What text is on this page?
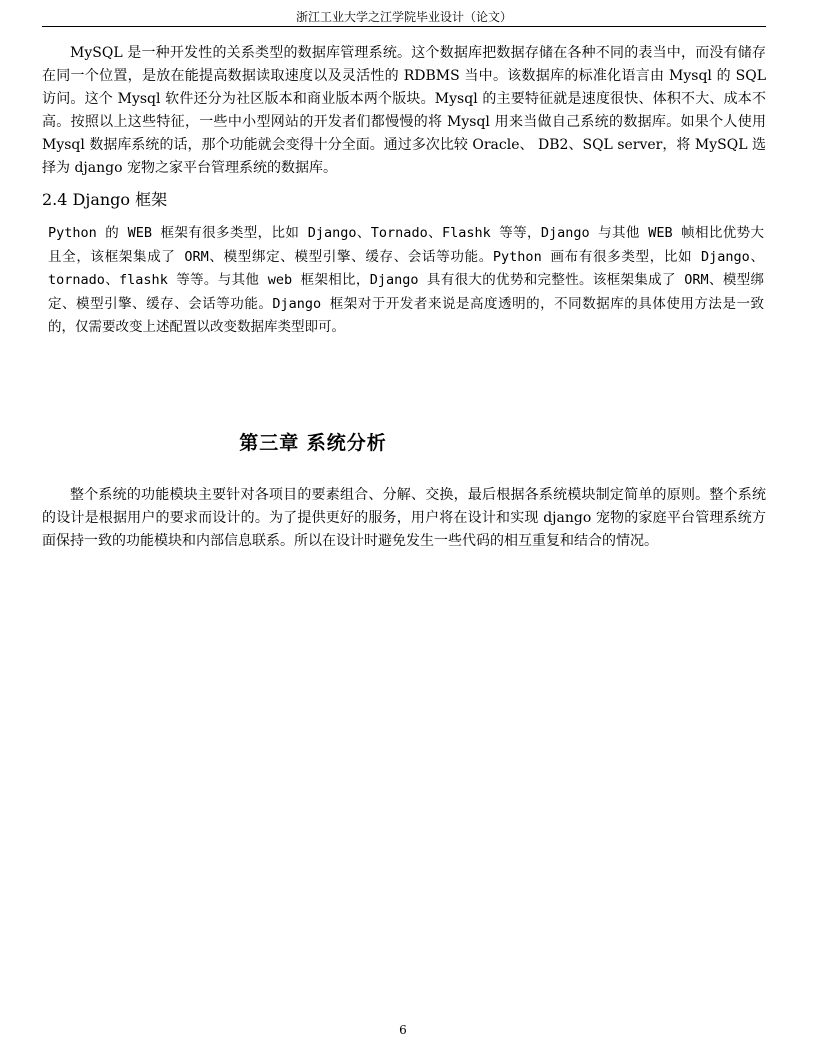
浙江工业大学之江学院毕业设计（论文）

MySQL 是一种开发性的关系类型的数据库管理系统。这个数据库把数据存储在各种不同的表当中，而没有储存在同一个位置，是放在能提高数据读取速度以及灵活性的 RDBMS 当中。该数据库的标准化语言由 Mysql 的 SQL 访问。这个 Mysql 软件还分为社区版本和商业版本两个版块。Mysql 的主要特征就是速度很快、体积不大、成本不高。按照以上这些特征，一些中小型网站的开发者们都慢慢的将 Mysql 用来当做自己系统的数据库。如果个人使用 Mysql 数据库系统的话，那个功能就会变得十分全面。通过多次比较 Oracle、 DB2、SQL server，将 MySQL 选择为 django 宠物之家平台管理系统的数据库。

2.4 Django 框架

Python 的 WEB 框架有很多类型，比如 Django、Tornado、Flashk 等等，Django 与其他 WEB 帧相比优势大且全，该框架集成了 ORM、模型绑定、模型引擎、缓存、会话等功能。Python 画布有很多类型，比如 Django、tornado、flashk 等等。与其他 web 框架相比，Django 具有很大的优势和完整性。该框架集成了 ORM、模型绑定、模型引擎、缓存、会话等功能。Django 框架对于开发者来说是高度透明的，不同数据库的具体使用方法是一致的，仅需要改变上述配置以改变数据库类型即可。

第三章 系统分析

整个系统的功能模块主要针对各项目的要素组合、分解、交换，最后根据各系统模块制定简单的原则。整个系统的设计是根据用户的要求而设计的。为了提供更好的服务，用户将在设计和实现 django 宠物的家庭平台管理系统方面保持一致的功能模块和内部信息联系。所以在设计时避免发生一些代码的相互重复和结合的情况。

6
